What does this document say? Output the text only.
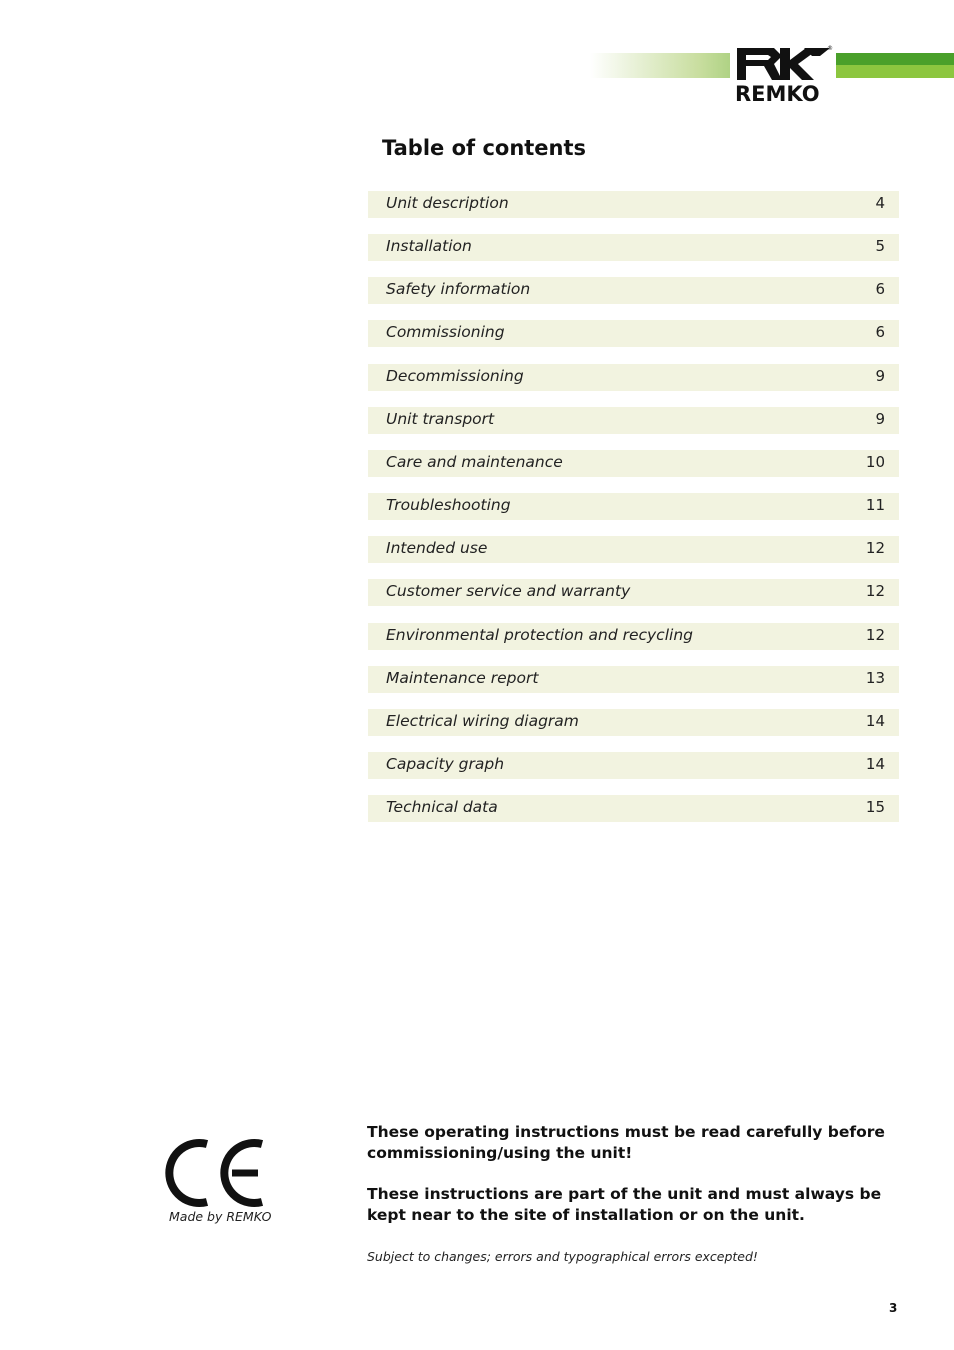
®
REMKO
Table of contents
Unit description	4
Installation	5
Safety information	6
Commissioning	6
Decommissioning	9
Unit transport	9
Care and maintenance	10
Troubleshooting	11
Intended use	12
Customer service and warranty	12
Environmental protection and recycling	12
Maintenance report	13
Electrical wiring diagram	14
Capacity graph	14
Technical data	15
Made by REMKO
These operating instructions must be read carefully before commissioning/using the unit!
These instructions are part of the unit and must always be kept near to the site of installation or on the unit.
Subject to changes; errors and typographical errors excepted!
3
